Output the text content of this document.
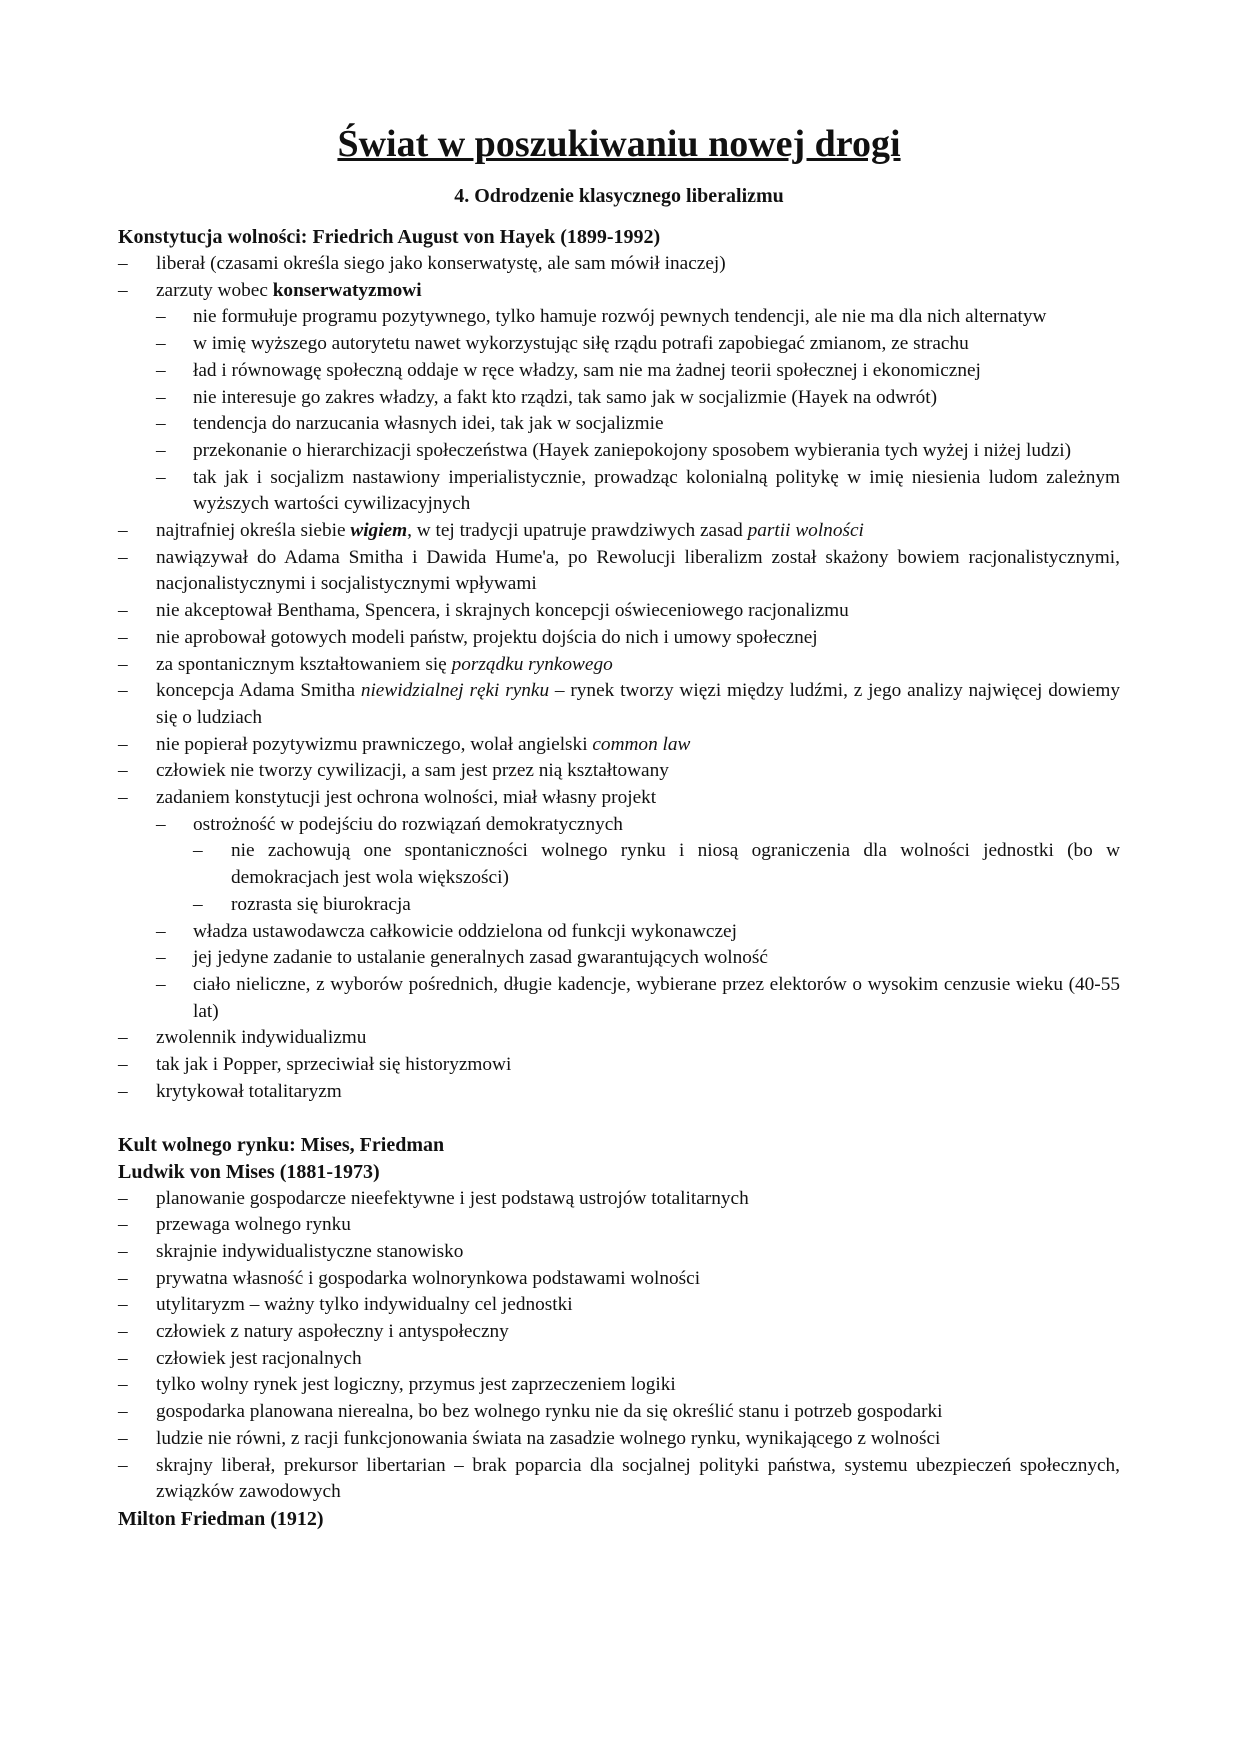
Świat w poszukiwaniu nowej drogi
4. Odrodzenie klasycznego liberalizmu
Konstytucja wolności: Friedrich August von Hayek (1899-1992)
– liberał (czasami określa siego jako konserwatystę, ale sam mówił inaczej)
– zarzuty wobec konserwatyzmowi
– nie formułuje programu pozytywnego, tylko hamuje rozwój pewnych tendencji, ale nie ma dla nich alternatyw
– w imię wyższego autorytetu nawet wykorzystując siłę rządu potrafi zapobiegać zmianom, ze strachu
– ład i równowagę społeczną oddaje w ręce władzy, sam nie ma żadnej teorii społecznej i ekonomicznej
– nie interesuje go zakres władzy, a fakt kto rządzi, tak samo jak w socjalizmie (Hayek na odwrót)
– tendencja do narzucania własnych idei, tak jak w socjalizmie
– przekonanie o hierarchizacji społeczeństwa (Hayek zaniepokojony sposobem wybierania tych wyżej i niżej ludzi)
– tak jak i socjalizm nastawiony imperialistycznie, prowadząc kolonialną politykę w imię niesienia ludom zależnym wyższych wartości cywilizacyjnych
– najtrafniej określa siebie wigiem, w tej tradycji upatruje prawdziwych zasad partii wolności
– nawiązywał do Adama Smitha i Dawida Hume'a, po Rewolucji liberalizm został skażony bowiem racjonalistycznymi, nacjonalistycznymi i socjalistycznymi wpływami
– nie akceptował Benthama, Spencera, i skrajnych koncepcji oświeceniowego racjonalizmu
– nie aprobował gotowych modeli państw, projektu dojścia do nich i umowy społecznej
– za spontanicznym kształtowaniem się porządku rynkowego
– koncepcja Adama Smitha niewidzialnej ręki rynku – rynek tworzy więzi między ludźmi, z jego analizy najwięcej dowiemy się o ludziach
– nie popierał pozytywizmu prawniczego, wolał angielski common law
– człowiek nie tworzy cywilizacji, a sam jest przez nią kształtowany
– zadaniem konstytucji jest ochrona wolności, miał własny projekt
– ostrożność w podejściu do rozwiązań demokratycznych
– nie zachowują one spontaniczności wolnego rynku i niosą ograniczenia dla wolności jednostki (bo w demokracjach jest wola większości)
– rozrasta się biurokracja
– władza ustawodawcza całkowicie oddzielona od funkcji wykonawczej
– jej jedyne zadanie to ustalanie generalnych zasad gwarantujących wolność
– ciało nieliczne, z wyborów pośrednich, długie kadencje, wybierane przez elektorów o wysokim cenzusie wieku (40-55 lat)
– zwolennik indywidualizmu
– tak jak i Popper, sprzeciwiał się historyzmowi
– krytykował totalitaryzm
Kult wolnego rynku: Mises, Friedman
Ludwik von Mises (1881-1973)
– planowanie gospodarcze nieefektywne i jest podstawą ustrojów totalitarnych
– przewaga wolnego rynku
– skrajnie indywidualistyczne stanowisko
– prywatna własność i gospodarka wolnorynkowa podstawami wolności
– utylitaryzm – ważny tylko indywidualny cel jednostki
– człowiek z natury aspołeczny i antyspołeczny
– człowiek jest racjonalnych
– tylko wolny rynek jest logiczny, przymus jest zaprzeczeniem logiki
– gospodarka planowana nierealna, bo bez wolnego rynku nie da się określić stanu i potrzeb gospodarki
– ludzie nie równi, z racji funkcjonowania świata na zasadzie wolnego rynku, wynikającego z wolności
– skrajny liberał, prekursor libertarian – brak poparcia dla socjalnej polityki państwa, systemu ubezpieczeń społecznych, związków zawodowych
Milton Friedman (1912)
